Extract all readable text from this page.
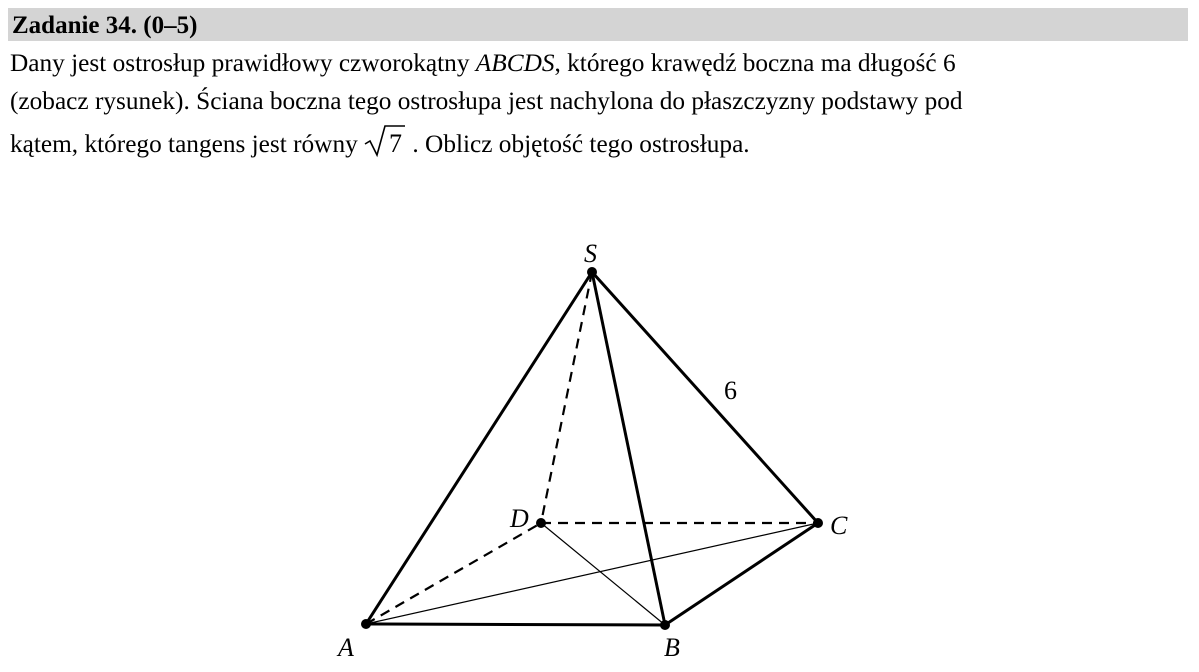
Zadanie 34. (0–5)

Dany jest ostrosłup prawidłowy czworokątny ABCDS, którego krawędź boczna ma długość 6

(zobacz rysunek). Ściana boczna tego ostrosłupa jest nachylona do płaszczyzny podstawy pod

kątem, którego tangens jest równy 7 . Oblicz objętość tego ostrosłupa.

S
A	B
C
D
6
